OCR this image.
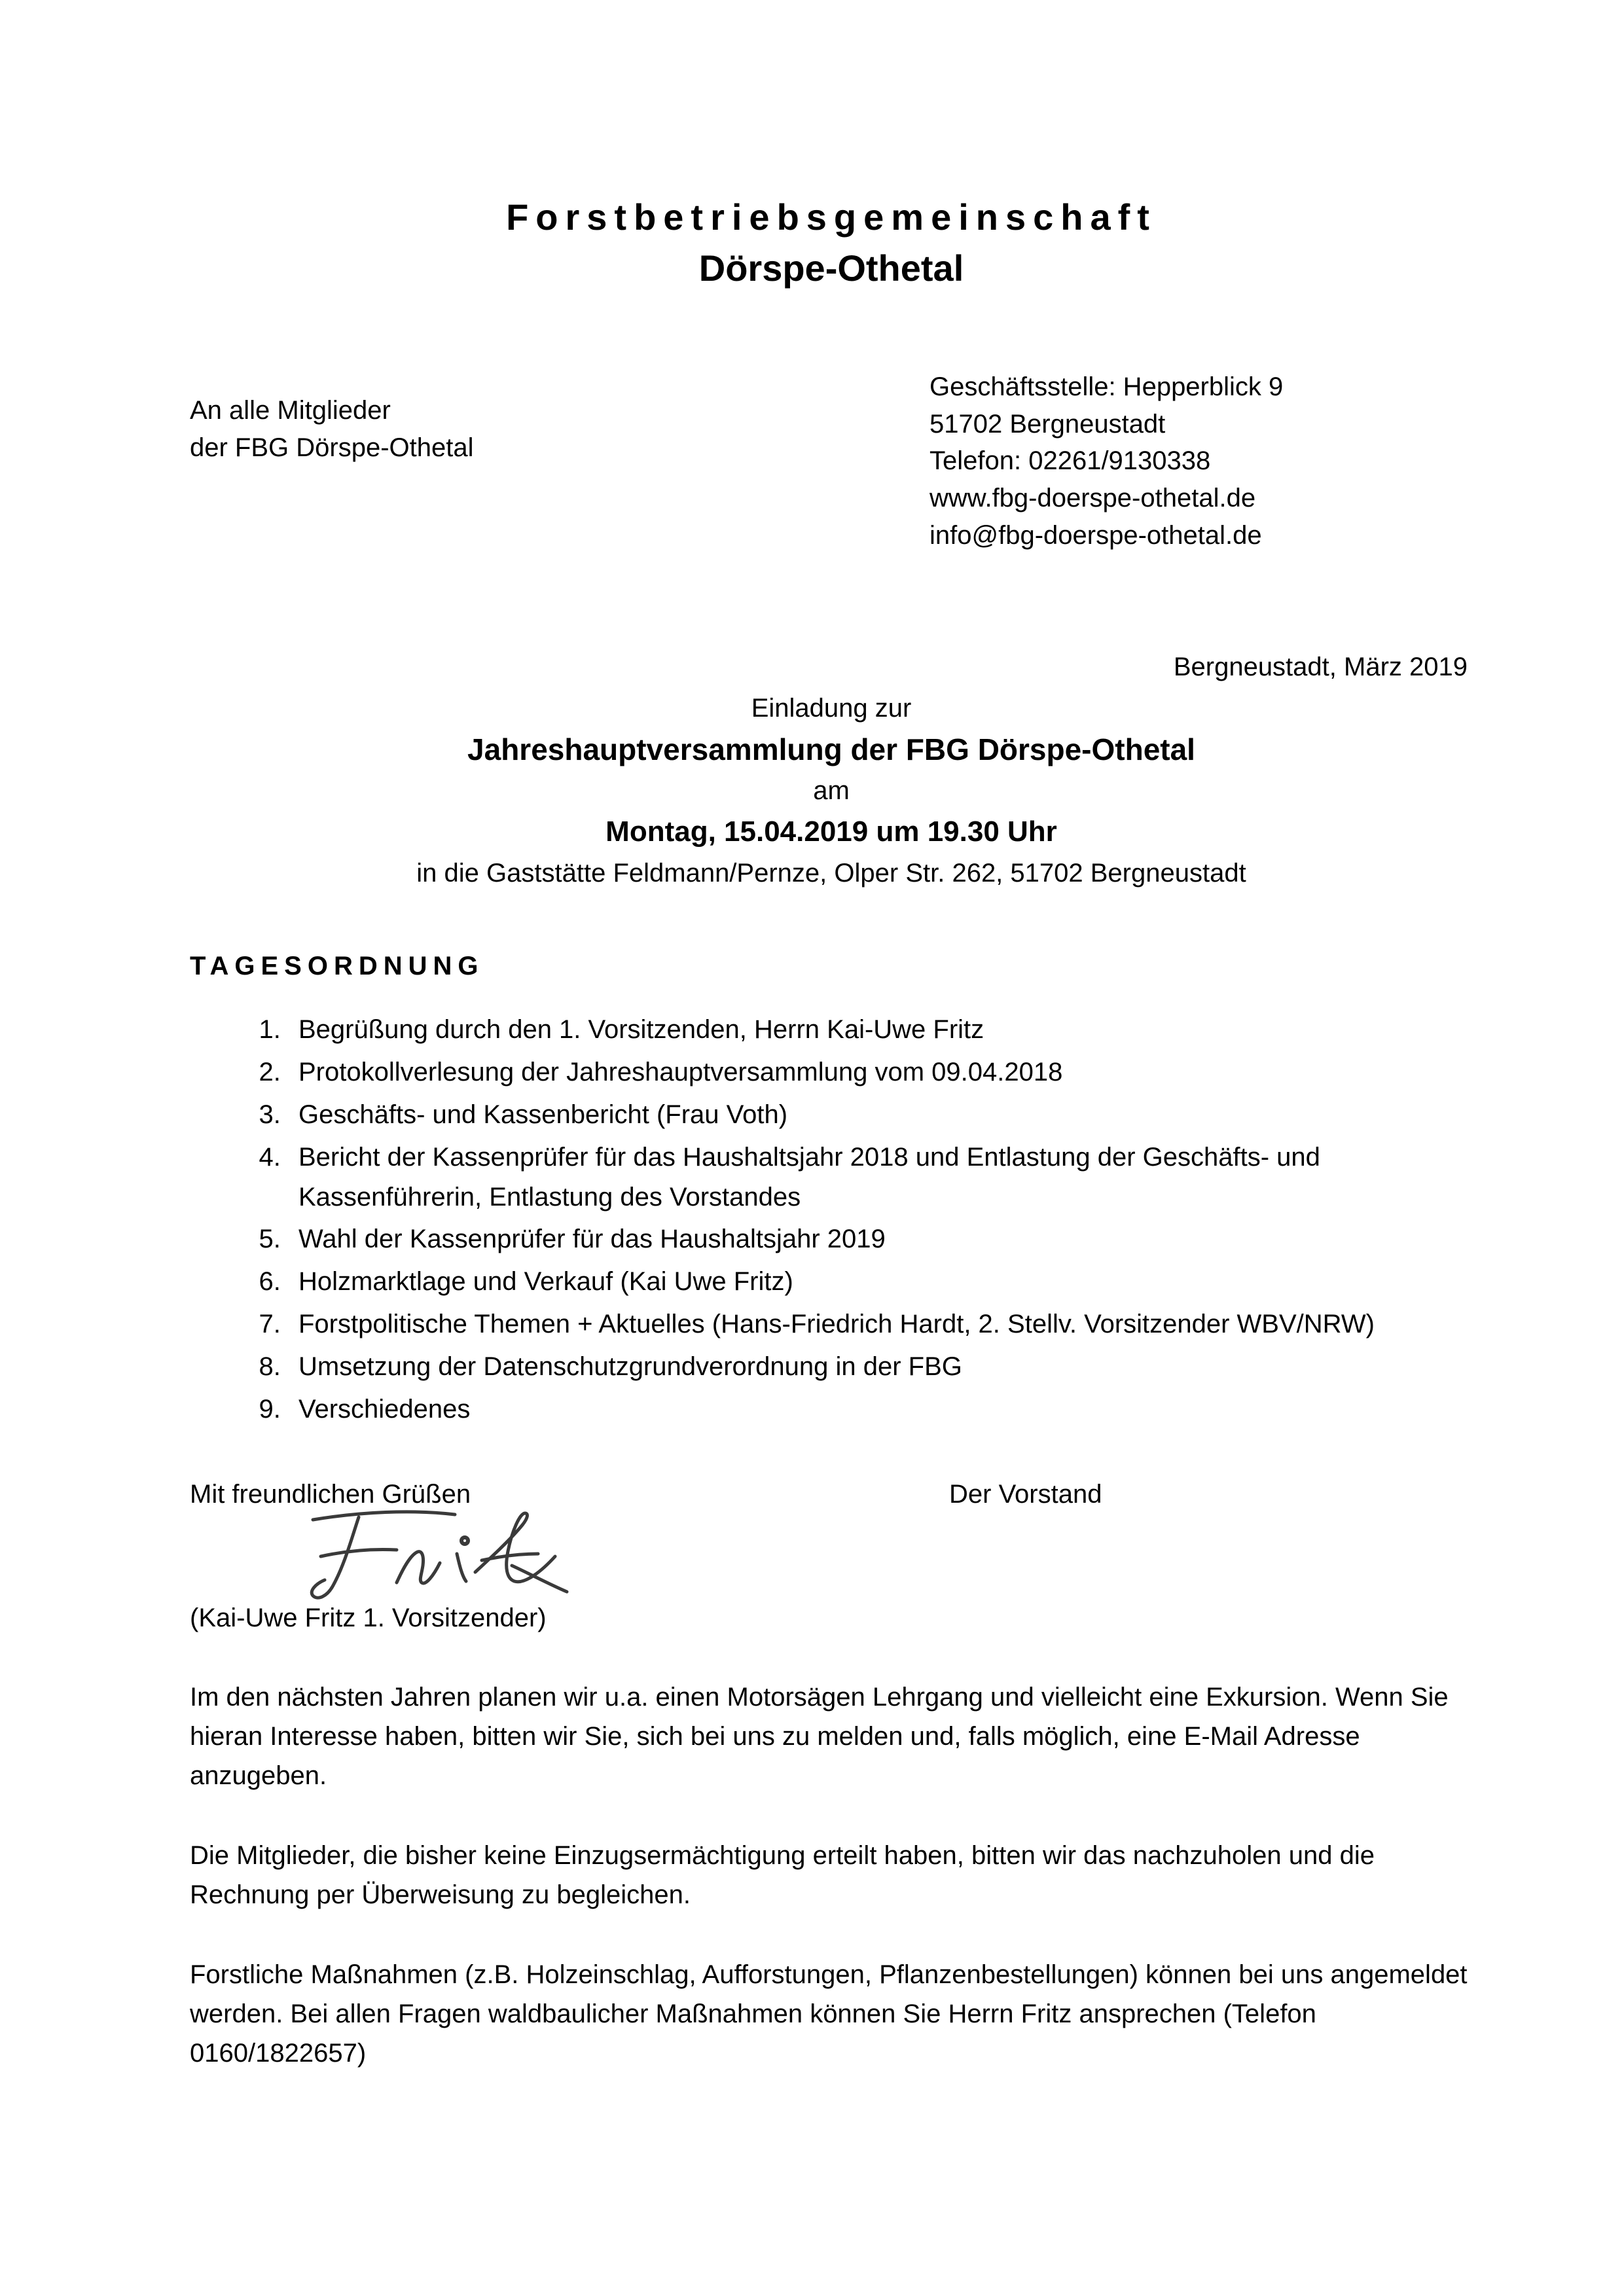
Forstbetriebsgemeinschaft
Dörspe-Othetal
An alle Mitglieder
der FBG Dörspe-Othetal
Geschäftsstelle: Hepperblick 9
51702 Bergneustadt
Telefon: 02261/9130338
www.fbg-doerspe-othetal.de
info@fbg-doerspe-othetal.de
Bergneustadt, März 2019
Einladung zur
Jahreshauptversammlung der FBG Dörspe-Othetal
am
Montag, 15.04.2019 um 19.30 Uhr
in die Gaststätte Feldmann/Pernze, Olper Str. 262, 51702 Bergneustadt
TAGESORDNUNG
1. Begrüßung durch den 1. Vorsitzenden, Herrn Kai-Uwe Fritz
2. Protokollverlesung der Jahreshauptversammlung vom 09.04.2018
3. Geschäfts- und Kassenbericht (Frau Voth)
4. Bericht der Kassenprüfer für das Haushaltsjahr 2018 und Entlastung der Geschäfts- und Kassenführerin, Entlastung des Vorstandes
5. Wahl der Kassenprüfer für das Haushaltsjahr 2019
6. Holzmarktlage und Verkauf (Kai Uwe Fritz)
7. Forstpolitische Themen + Aktuelles (Hans-Friedrich Hardt, 2. Stellv. Vorsitzender WBV/NRW)
8. Umsetzung der Datenschutzgrundverordnung in der FBG
9. Verschiedenes
Mit freundlichen Grüßen	Der Vorstand
(Kai-Uwe Fritz 1. Vorsitzender)
Im den nächsten Jahren planen wir u.a. einen Motorsägen Lehrgang und vielleicht eine Exkursion. Wenn Sie hieran Interesse haben, bitten wir Sie, sich bei uns zu melden und, falls möglich, eine E-Mail Adresse anzugeben.
Die Mitglieder, die bisher keine Einzugsermächtigung erteilt haben, bitten wir das nachzuholen und die Rechnung per Überweisung zu begleichen.
Forstliche Maßnahmen (z.B. Holzeinschlag, Aufforstungen, Pflanzenbestellungen) können bei uns angemeldet werden. Bei allen Fragen waldbaulicher Maßnahmen können Sie Herrn Fritz ansprechen (Telefon 0160/1822657)
